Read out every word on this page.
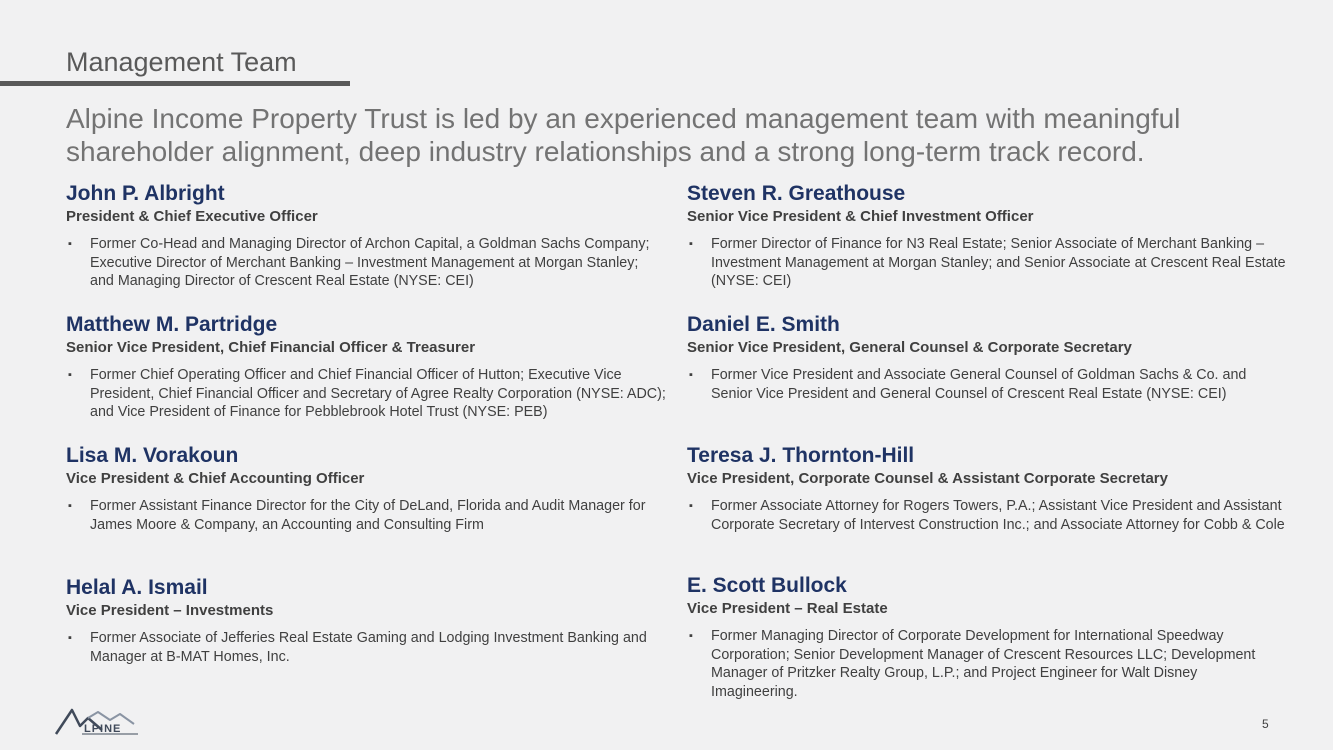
Management Team
Alpine Income Property Trust is led by an experienced management team with meaningful shareholder alignment, deep industry relationships and a strong long-term track record.

John P. Albright

President & Chief Executive Officer

▪ Former Co-Head and Managing Director of Archon Capital, a Goldman Sachs Company; Executive Director of Merchant Banking – Investment Management at Morgan Stanley; and Managing Director of Crescent Real Estate (NYSE: CEI)

Matthew M. Partridge

Senior Vice President, Chief Financial Officer & Treasurer

▪ Former Chief Operating Officer and Chief Financial Officer of Hutton; Executive Vice President, Chief Financial Officer and Secretary of Agree Realty Corporation (NYSE: ADC); and Vice President of Finance for Pebblebrook Hotel Trust (NYSE: PEB)

Lisa M. Vorakoun

Vice President & Chief Accounting Officer

▪ Former Assistant Finance Director for the City of DeLand, Florida and Audit Manager for James Moore & Company, an Accounting and Consulting Firm

Helal A. Ismail

Vice President – Investments

▪ Former Associate of Jefferies Real Estate Gaming and Lodging Investment Banking and Manager at B-MAT Homes, Inc.

Steven R. Greathouse

Senior Vice President & Chief Investment Officer

▪ Former Director of Finance for N3 Real Estate; Senior Associate of Merchant Banking – Investment Management at Morgan Stanley; and Senior Associate at Crescent Real Estate (NYSE: CEI)

Daniel E. Smith

Senior Vice President, General Counsel & Corporate Secretary

▪ Former Vice President and Associate General Counsel of Goldman Sachs & Co. and Senior Vice President and General Counsel of Crescent Real Estate (NYSE: CEI)

Teresa J. Thornton-Hill

Vice President, Corporate Counsel & Assistant Corporate Secretary

▪ Former Associate Attorney for Rogers Towers, P.A.; Assistant Vice President and Assistant Corporate Secretary of Intervest Construction Inc.; and Associate Attorney for Cobb & Cole

E. Scott Bullock

Vice President – Real Estate

▪ Former Managing Director of Corporate Development for International Speedway Corporation; Senior Development Manager of Crescent Resources LLC; Development Manager of Pritzker Realty Group, L.P.; and Project Engineer for Walt Disney Imagineering.
LPINE	5
